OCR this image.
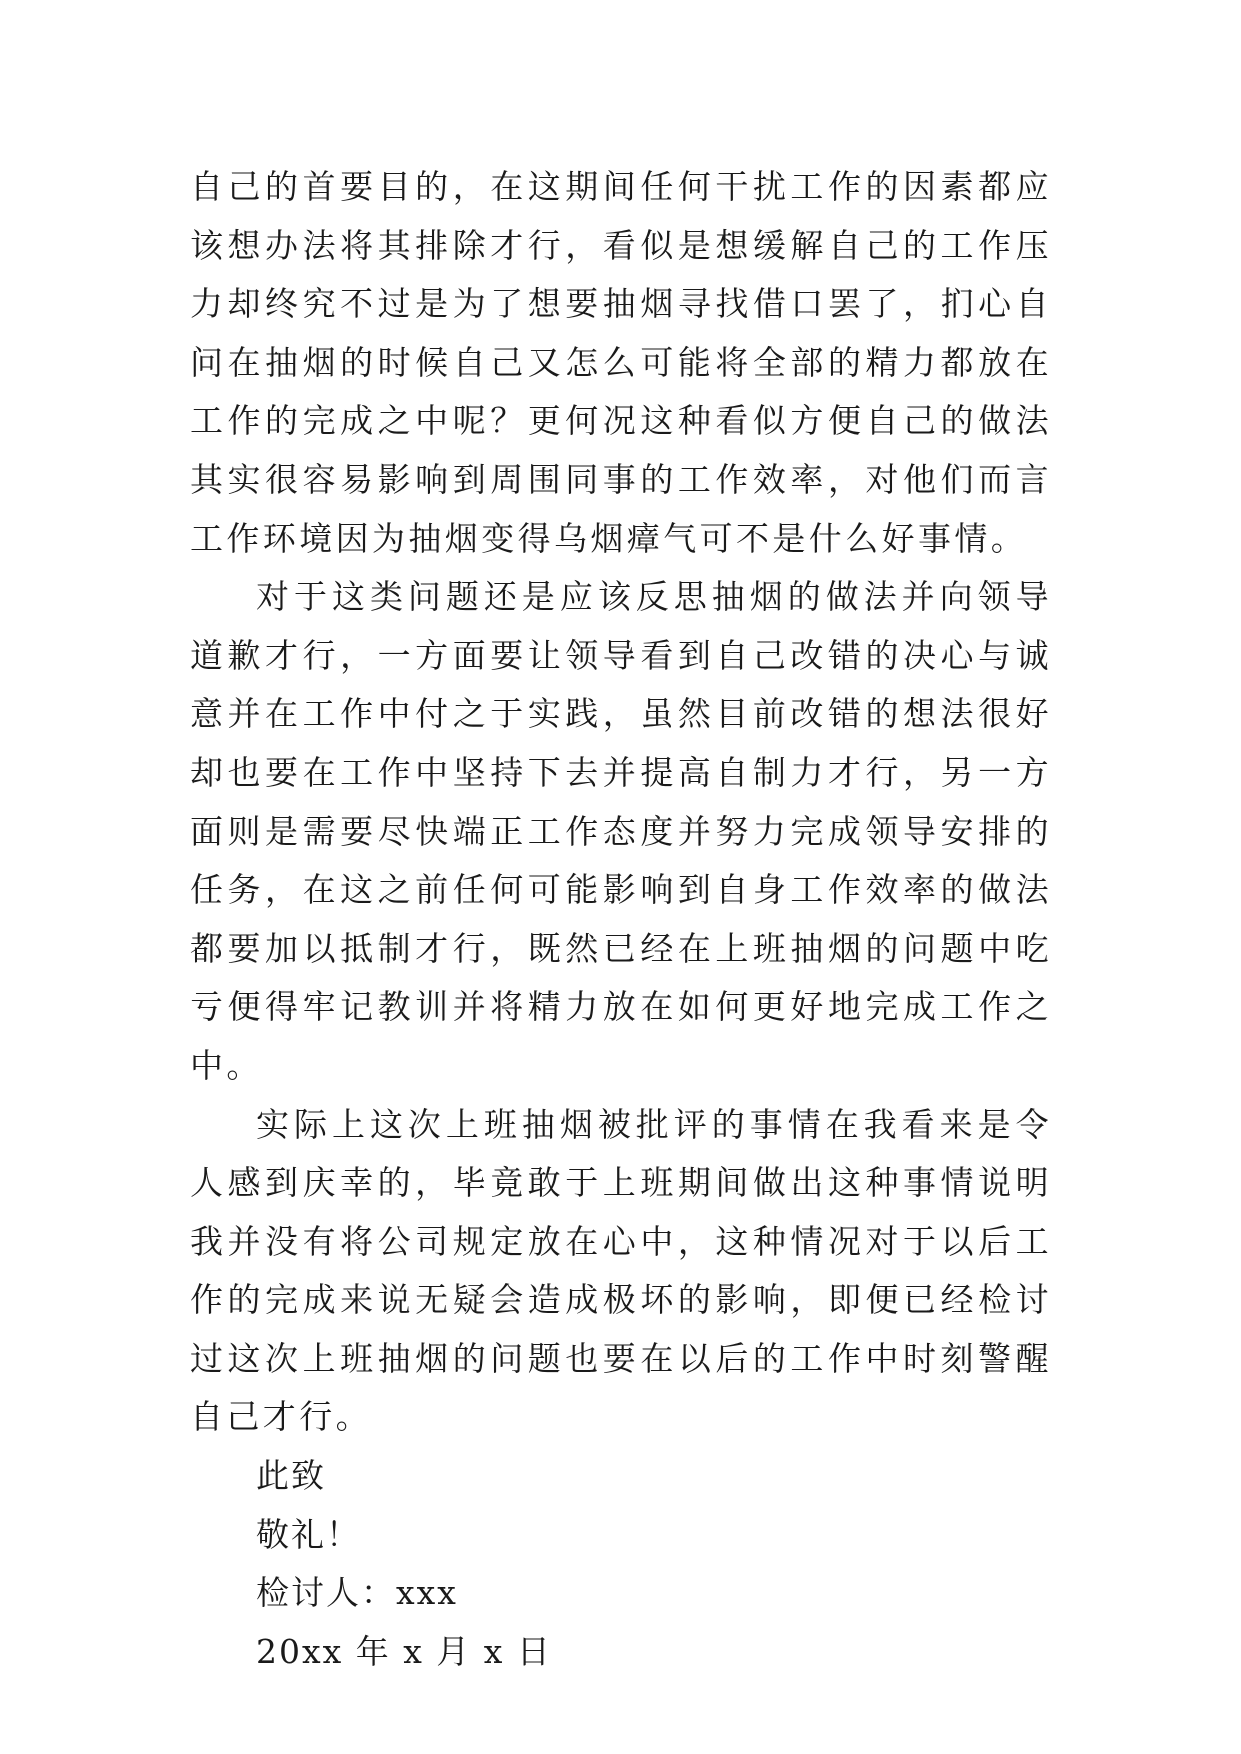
自己的首要目的，在这期间任何干扰工作的因素都应该想办法将其排除才行，看似是想缓解自己的工作压力却终究不过是为了想要抽烟寻找借口罢了，扪心自问在抽烟的时候自己又怎么可能将全部的精力都放在工作的完成之中呢？更何况这种看似方便自己的做法其实很容易影响到周围同事的工作效率，对他们而言工作环境因为抽烟变得乌烟瘴气可不是什么好事情。

对于这类问题还是应该反思抽烟的做法并向领导道歉才行，一方面要让领导看到自己改错的决心与诚意并在工作中付之于实践，虽然目前改错的想法很好却也要在工作中坚持下去并提高自制力才行，另一方面则是需要尽快端正工作态度并努力完成领导安排的任务，在这之前任何可能影响到自身工作效率的做法都要加以抵制才行，既然已经在上班抽烟的问题中吃亏便得牢记教训并将精力放在如何更好地完成工作之中。

实际上这次上班抽烟被批评的事情在我看来是令人感到庆幸的，毕竟敢于上班期间做出这种事情说明我并没有将公司规定放在心中，这种情况对于以后工作的完成来说无疑会造成极坏的影响，即便已经检讨过这次上班抽烟的问题也要在以后的工作中时刻警醒自己才行。

此致
敬礼！
检讨人：xxx
20xx 年 x 月 x 日
